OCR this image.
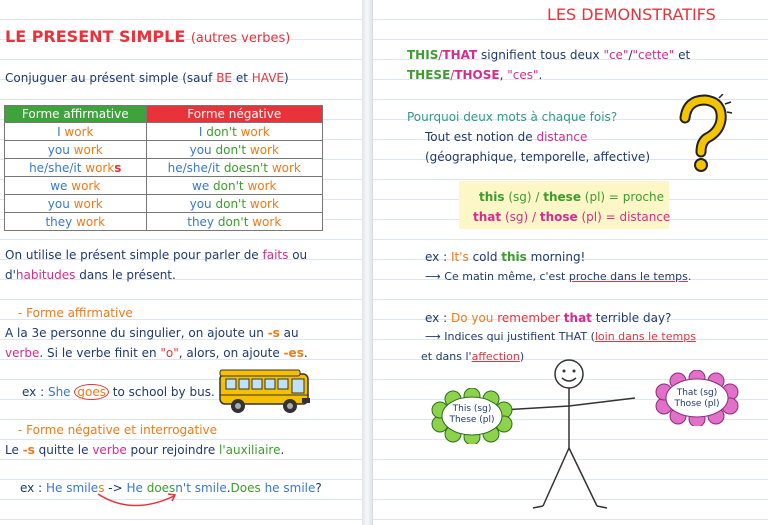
LE PRESENT SIMPLE (autres verbes)
Conjuguer au présent simple (sauf BE et HAVE)
Forme affirmative	Forme négative
I work	I don't work
you work	you don't work
he/she/it works	he/she/it doesn't work
we work	we don't work
you work	you don't work
they work	they don't work
On utilise le présent simple pour parler de faits ou
d'habitudes dans le présent.
- Forme affirmative
A la 3e personne du singulier, on ajoute un -s au
verbe. Si le verbe finit en "o", alors, on ajoute -es.
ex : She goes to school by bus.
- Forme négative et interrogative
Le -s quitte le verbe pour rejoindre l'auxiliaire.
ex : He smiles -> He doesn't smile.Does he smile?
LES DEMONSTRATIFS
THIS/THAT signifient tous deux "ce"/"cette" et
THESE/THOSE, "ces".
Pourquoi deux mots à chaque fois?
Tout est notion de distance
(géographique, temporelle, affective)
this (sg) / these (pl) = proche
that (sg) / those (pl) = distance
ex : It's cold this morning!
⟶ Ce matin même, c'est proche dans le temps.
ex : Do you remember that terrible day?
⟶ Indices qui justifient THAT (loin dans le temps
et dans l'affection)
This (sg)
These (pl)
That (sg)
Those (pl)
